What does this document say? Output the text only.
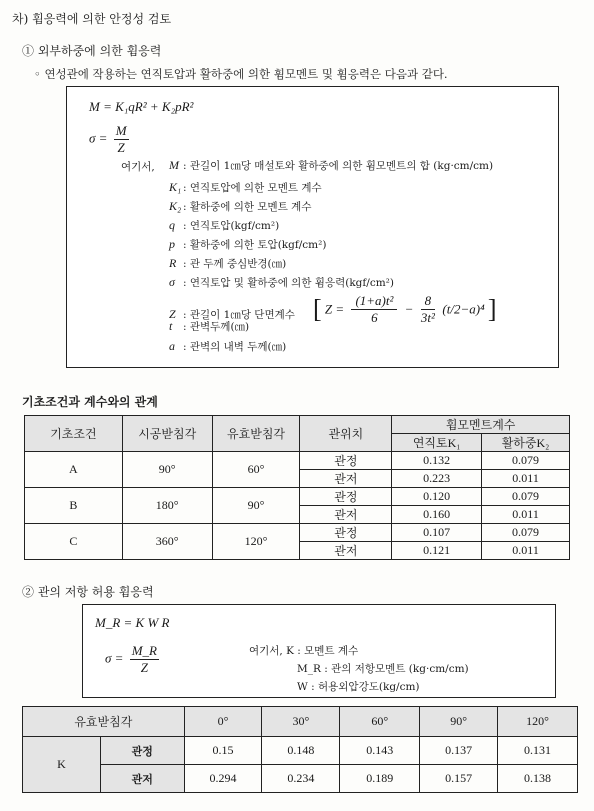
차) 휨응력에 의한 안정성 검토
① 외부하중에 의한 휨응력
◦ 연성관에 작용하는 연직토압과 활하중에 의한 휨모멘트 및 휨응력은 다음과 같다.
M = K₁qR² + K₂pR²
$\sigma = \frac{M}{Z}$
여기서, M : 관길이 1㎝당 매설토와 활하중에 의한 휨모멘트의 합 (kg·cm/cm)
K₁ : 연직토압에 의한 모멘트 계수
K₂ : 활하중에 의한 모멘트 계수
q : 연직토압(kgf/cm²)
p : 활하중에 의한 토압(kgf/cm²)
R : 관 두께 중심반경(㎝)
σ : 연직토압 및 활하중에 의한 휨응력(kgf/cm²)
Z : 관길이 1㎝당 단면계수
t : 관벽두께(㎝)
a : 관벽의 내벽 두께(㎝)
[ $Z = \frac{\text{(1+a)t²}}{6} - \frac{8}{\text{3t²}} (t/2-a)^4$ ]
기초조건과 계수와의 관계
기초조건	시공받침각	유효받침각	관위치	휨모멘트계수	
				연직토K₁	활하중K₂
A	90°	60°	관정	0.132	0.079
			관저	0.223	0.011
B	180°	90°	관정	0.120	0.079
			관저	0.160	0.011
C	360°	120°	관정	0.107	0.079
			관저	0.121	0.011
② 관의 저항 허용 휨응력
M_R = K W R
$\sigma = \frac{M\_R}{Z}$	여기서, K : 모멘트 계수
M_R : 관의 저항모멘트 (kg·cm/cm)
W : 허용외압강도(kg/cm)
유효받침각		0°	30°	60°	90°	120°
K	관정	0.15	0.148	0.143	0.137	0.131
	관저	0.294	0.234	0.189	0.157	0.138
